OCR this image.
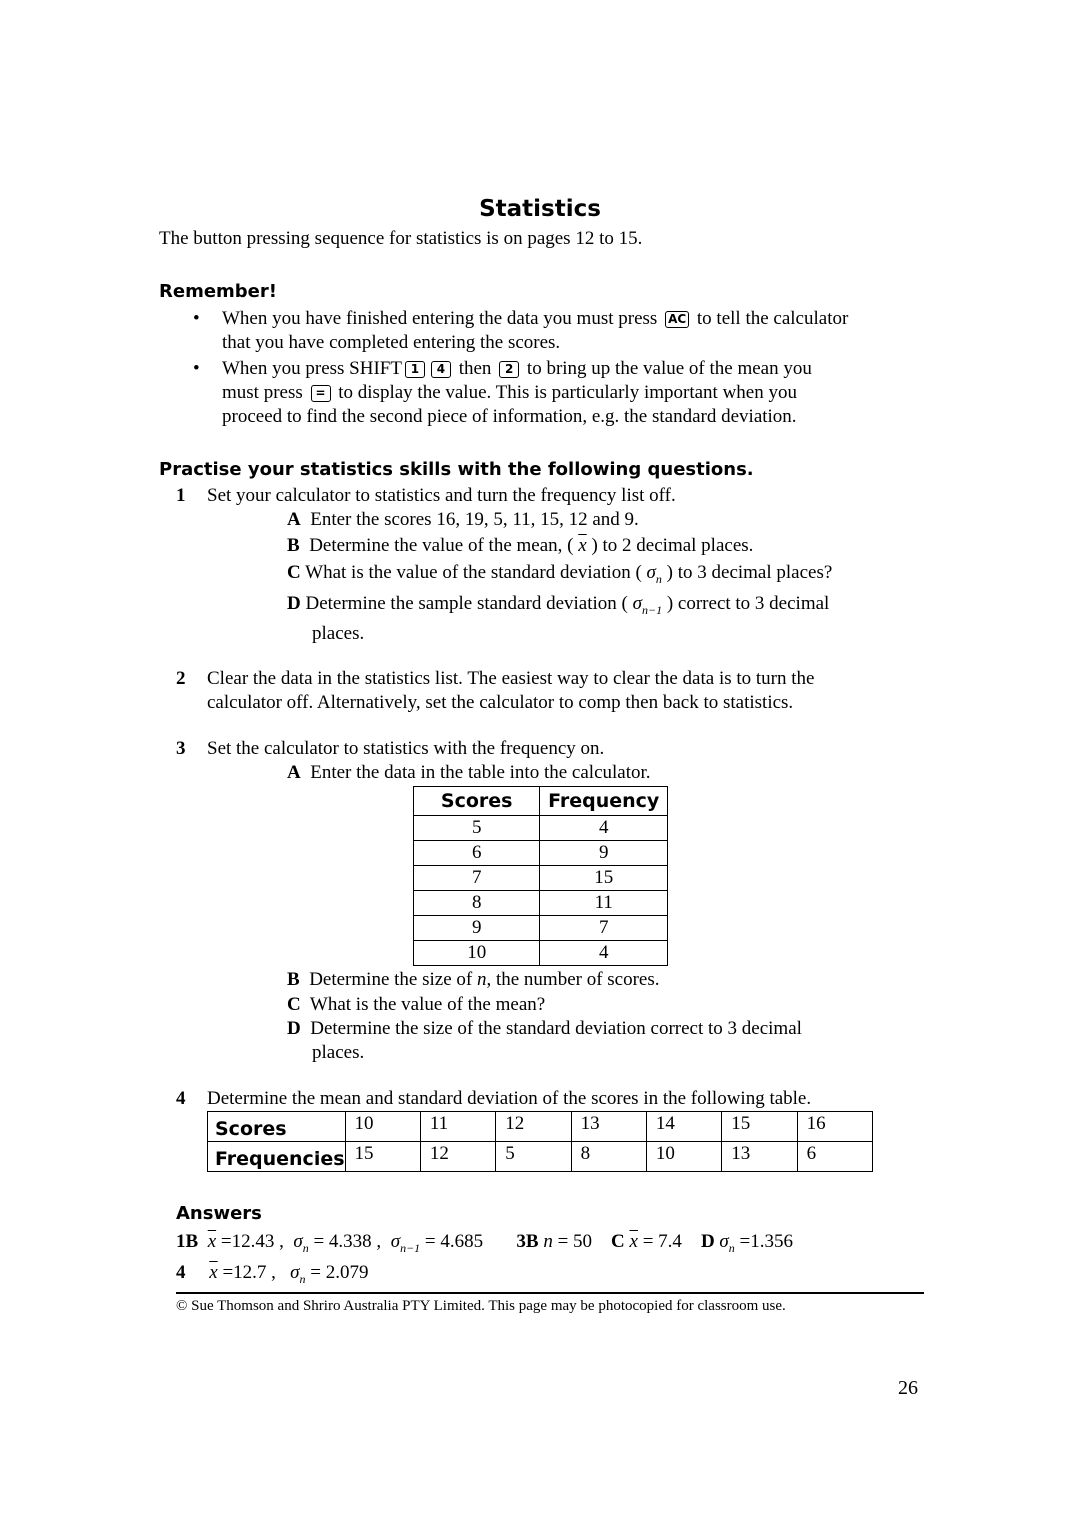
Statistics
The button pressing sequence for statistics is on pages 12 to 15.
Remember!
• When you have finished entering the data you must press AC to tell the calculator
that you have completed entering the scores.
• When you press SHIFT 1 4 then 2 to bring up the value of the mean you
must press = to display the value. This is particularly important when you
proceed to find the second piece of information, e.g. the standard deviation.
Practise your statistics skills with the following questions.
1 Set your calculator to statistics and turn the frequency list off.
A Enter the scores 16, 19, 5, 11, 15, 12 and 9.
B Determine the value of the mean, ( $\overline{x}$ ) to 2 decimal places.
C What is the value of the standard deviation ( $\sigma_n$ ) to 3 decimal places?
D Determine the sample standard deviation ( $\sigma_{n-1}$ ) correct to 3 decimal
places.
2 Clear the data in the statistics list. The easiest way to clear the data is to turn the
calculator off. Alternatively, set the calculator to comp then back to statistics.
3 Set the calculator to statistics with the frequency on.
A Enter the data in the table into the calculator.
Scores	Frequency
5	4
6	9
7	15
8	11
9	7
10	4
B Determine the size of n, the number of scores.
C What is the value of the mean?
D Determine the size of the standard deviation correct to 3 decimal
places.
4 Determine the mean and standard deviation of the scores in the following table.
Scores	10	11	12	13	14	15	16
Frequencies	15	12	5	8	10	13	6
Answers
1B $\overline{x} =12.43$ , $\sigma_n = 4.338$ , $\sigma_{n-1} = 4.685$ 3B n = 50 C $\overline{x} = 7.4$ D $\sigma_n =1.356$
4 $\overline{x} =12.7$ , $\sigma_n = 2.079$
© Sue Thomson and Shriro Australia PTY Limited. This page may be photocopied for classroom use.
26
